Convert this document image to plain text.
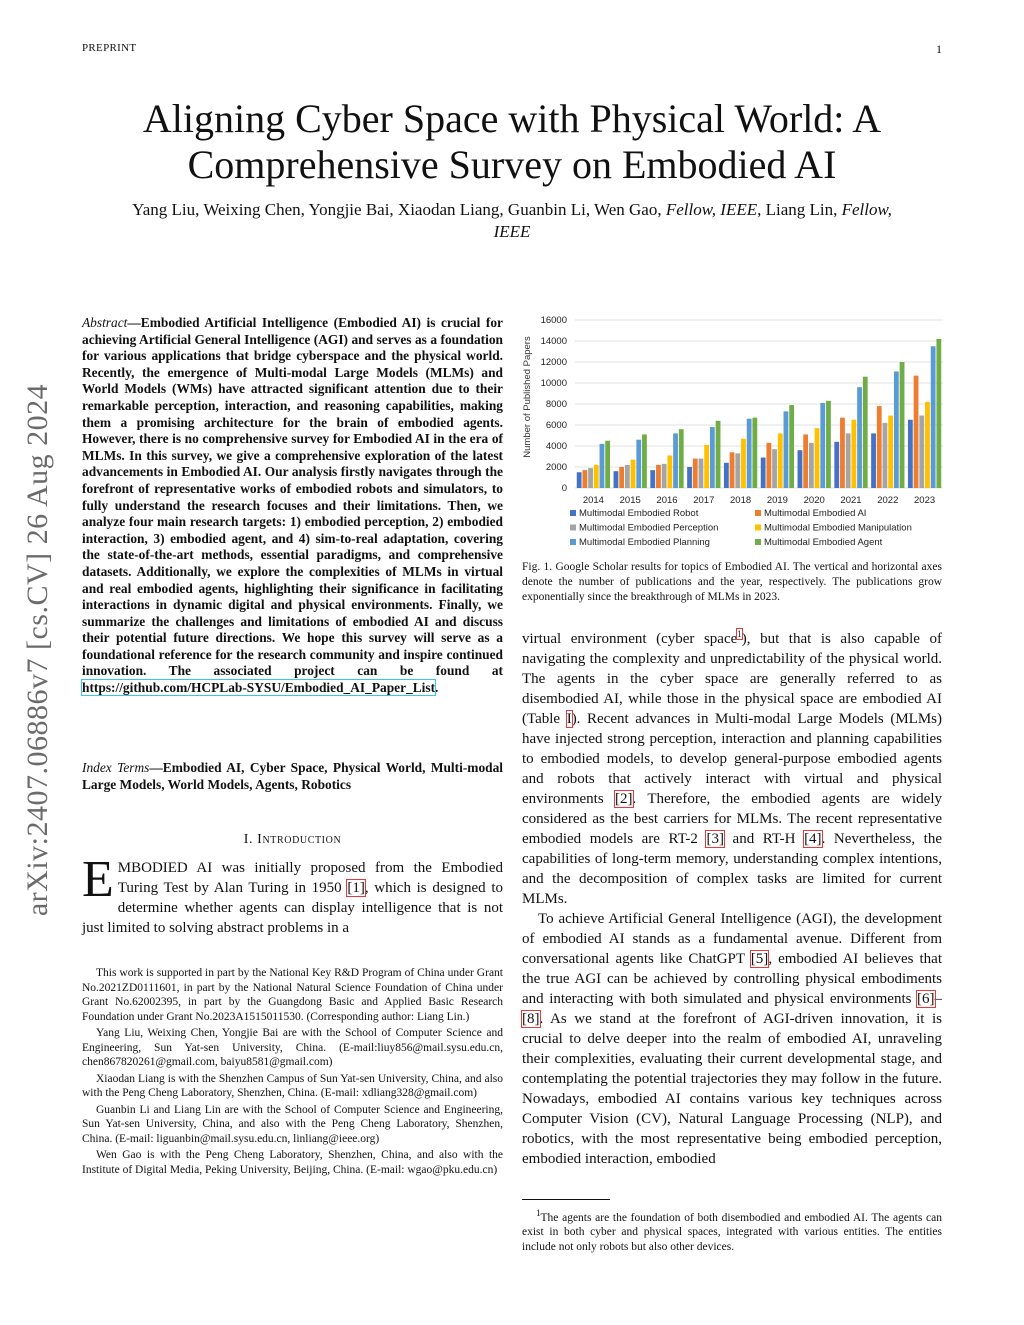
PREPRINT	1
arXiv:2407.06886v7 [cs.CV] 26 Aug 2024
Aligning Cyber Space with Physical World: A Comprehensive Survey on Embodied AI
Yang Liu, Weixing Chen, Yongjie Bai, Xiaodan Liang, Guanbin Li, Wen Gao, Fellow, IEEE, Liang Lin, Fellow, IEEE
Abstract—Embodied Artificial Intelligence (Embodied AI) is crucial for achieving Artificial General Intelligence (AGI) and serves as a foundation for various applications that bridge cyberspace and the physical world. Recently, the emergence of Multi-modal Large Models (MLMs) and World Models (WMs) have attracted significant attention due to their remarkable perception, interaction, and reasoning capabilities, making them a promising architecture for the brain of embodied agents. However, there is no comprehensive survey for Embodied AI in the era of MLMs. In this survey, we give a comprehensive exploration of the latest advancements in Embodied AI. Our analysis firstly navigates through the forefront of representative works of embodied robots and simulators, to fully understand the research focuses and their limitations. Then, we analyze four main research targets: 1) embodied perception, 2) embodied interaction, 3) embodied agent, and 4) sim-to-real adaptation, covering the state-of-the-art methods, essential paradigms, and comprehensive datasets. Additionally, we explore the complexities of MLMs in virtual and real embodied agents, highlighting their significance in facilitating interactions in dynamic digital and physical environments. Finally, we summarize the challenges and limitations of embodied AI and discuss their potential future directions. We hope this survey will serve as a foundational reference for the research community and inspire continued innovation. The associated project can be found at https://github.com/HCPLab-SYSU/Embodied_AI_Paper_List.
Index Terms—Embodied AI, Cyber Space, Physical World, Multi-modal Large Models, World Models, Agents, Robotics
I. Introduction
EMBODIED AI was initially proposed from the Embodied Turing Test by Alan Turing in 1950 [1], which is designed to determine whether agents can display intelligence that is not just limited to solving abstract problems in a

This work is supported in part by the National Key R&D Program of China under Grant No.2021ZD0111601, in part by the National Natural Science Foundation of China under Grant No.62002395, in part by the Guangdong Basic and Applied Basic Research Foundation under Grant No.2023A1515011530. (Corresponding author: Liang Lin.)

Yang Liu, Weixing Chen, Yongjie Bai are with the School of Computer Science and Engineering, Sun Yat-sen University, China. (E-mail:liuy856@mail.sysu.edu.cn, chen867820261@gmail.com, baiyu8581@gmail.com)

Xiaodan Liang is with the Shenzhen Campus of Sun Yat-sen University, China, and also with the Peng Cheng Laboratory, Shenzhen, China. (E-mail: xdliang328@gmail.com)

Guanbin Li and Liang Lin are with the School of Computer Science and Engineering, Sun Yat-sen University, China, and also with the Peng Cheng Laboratory, Shenzhen, China. (E-mail: liguanbin@mail.sysu.edu.cn, linliang@ieee.org)

Wen Gao is with the Peng Cheng Laboratory, Shenzhen, China, and also with the Institute of Digital Media, Peking University, Beijing, China. (E-mail: wgao@pku.edu.cn)

0
2000
4000
6000
8000
10000
12000
14000
16000
2014 2015 2016 2017 2018 2019 2020 2021 2022 2023
Multimodal Embodied Robot	Multimodal Embodied AI
Multimodal Embodied Perception	Multimodal Embodied Manipulation
Multimodal Embodied Planning	Multimodal Embodied Agent
Number of Published Papers
Fig. 1. Google Scholar results for topics of Embodied AI. The vertical and horizontal axes denote the number of publications and the year, respectively. The publications grow exponentially since the breakthrough of MLMs in 2023.

virtual environment (cyber space$^1$), but that is also capable of navigating the complexity and unpredictability of the physical world. The agents in the cyber space are generally referred to as disembodied AI, while those in the physical space are embodied AI (Table I). Recent advances in Multi-modal Large Models (MLMs) have injected strong perception, interaction and planning capabilities to embodied models, to develop general-purpose embodied agents and robots that actively interact with virtual and physical environments [2]. Therefore, the embodied agents are widely considered as the best carriers for MLMs. The recent representative embodied models are RT-2 [3] and RT-H [4]. Nevertheless, the capabilities of long-term memory, understanding complex intentions, and the decomposition of complex tasks are limited for current MLMs.

To achieve Artificial General Intelligence (AGI), the development of embodied AI stands as a fundamental avenue. Different from conversational agents like ChatGPT [5], embodied AI believes that the true AGI can be achieved by controlling physical embodiments and interacting with both simulated and physical environments [6]–[8]. As we stand at the forefront of AGI-driven innovation, it is crucial to delve deeper into the realm of embodied AI, unraveling their complexities, evaluating their current developmental stage, and contemplating the potential trajectories they may follow in the future. Nowadays, embodied AI contains various key techniques across Computer Vision (CV), Natural Language Processing (NLP), and robotics, with the most representative being embodied perception, embodied interaction, embodied

$^1$The agents are the foundation of both disembodied and embodied AI. The agents can exist in both cyber and physical spaces, integrated with various entities. The entities include not only robots but also other devices.
